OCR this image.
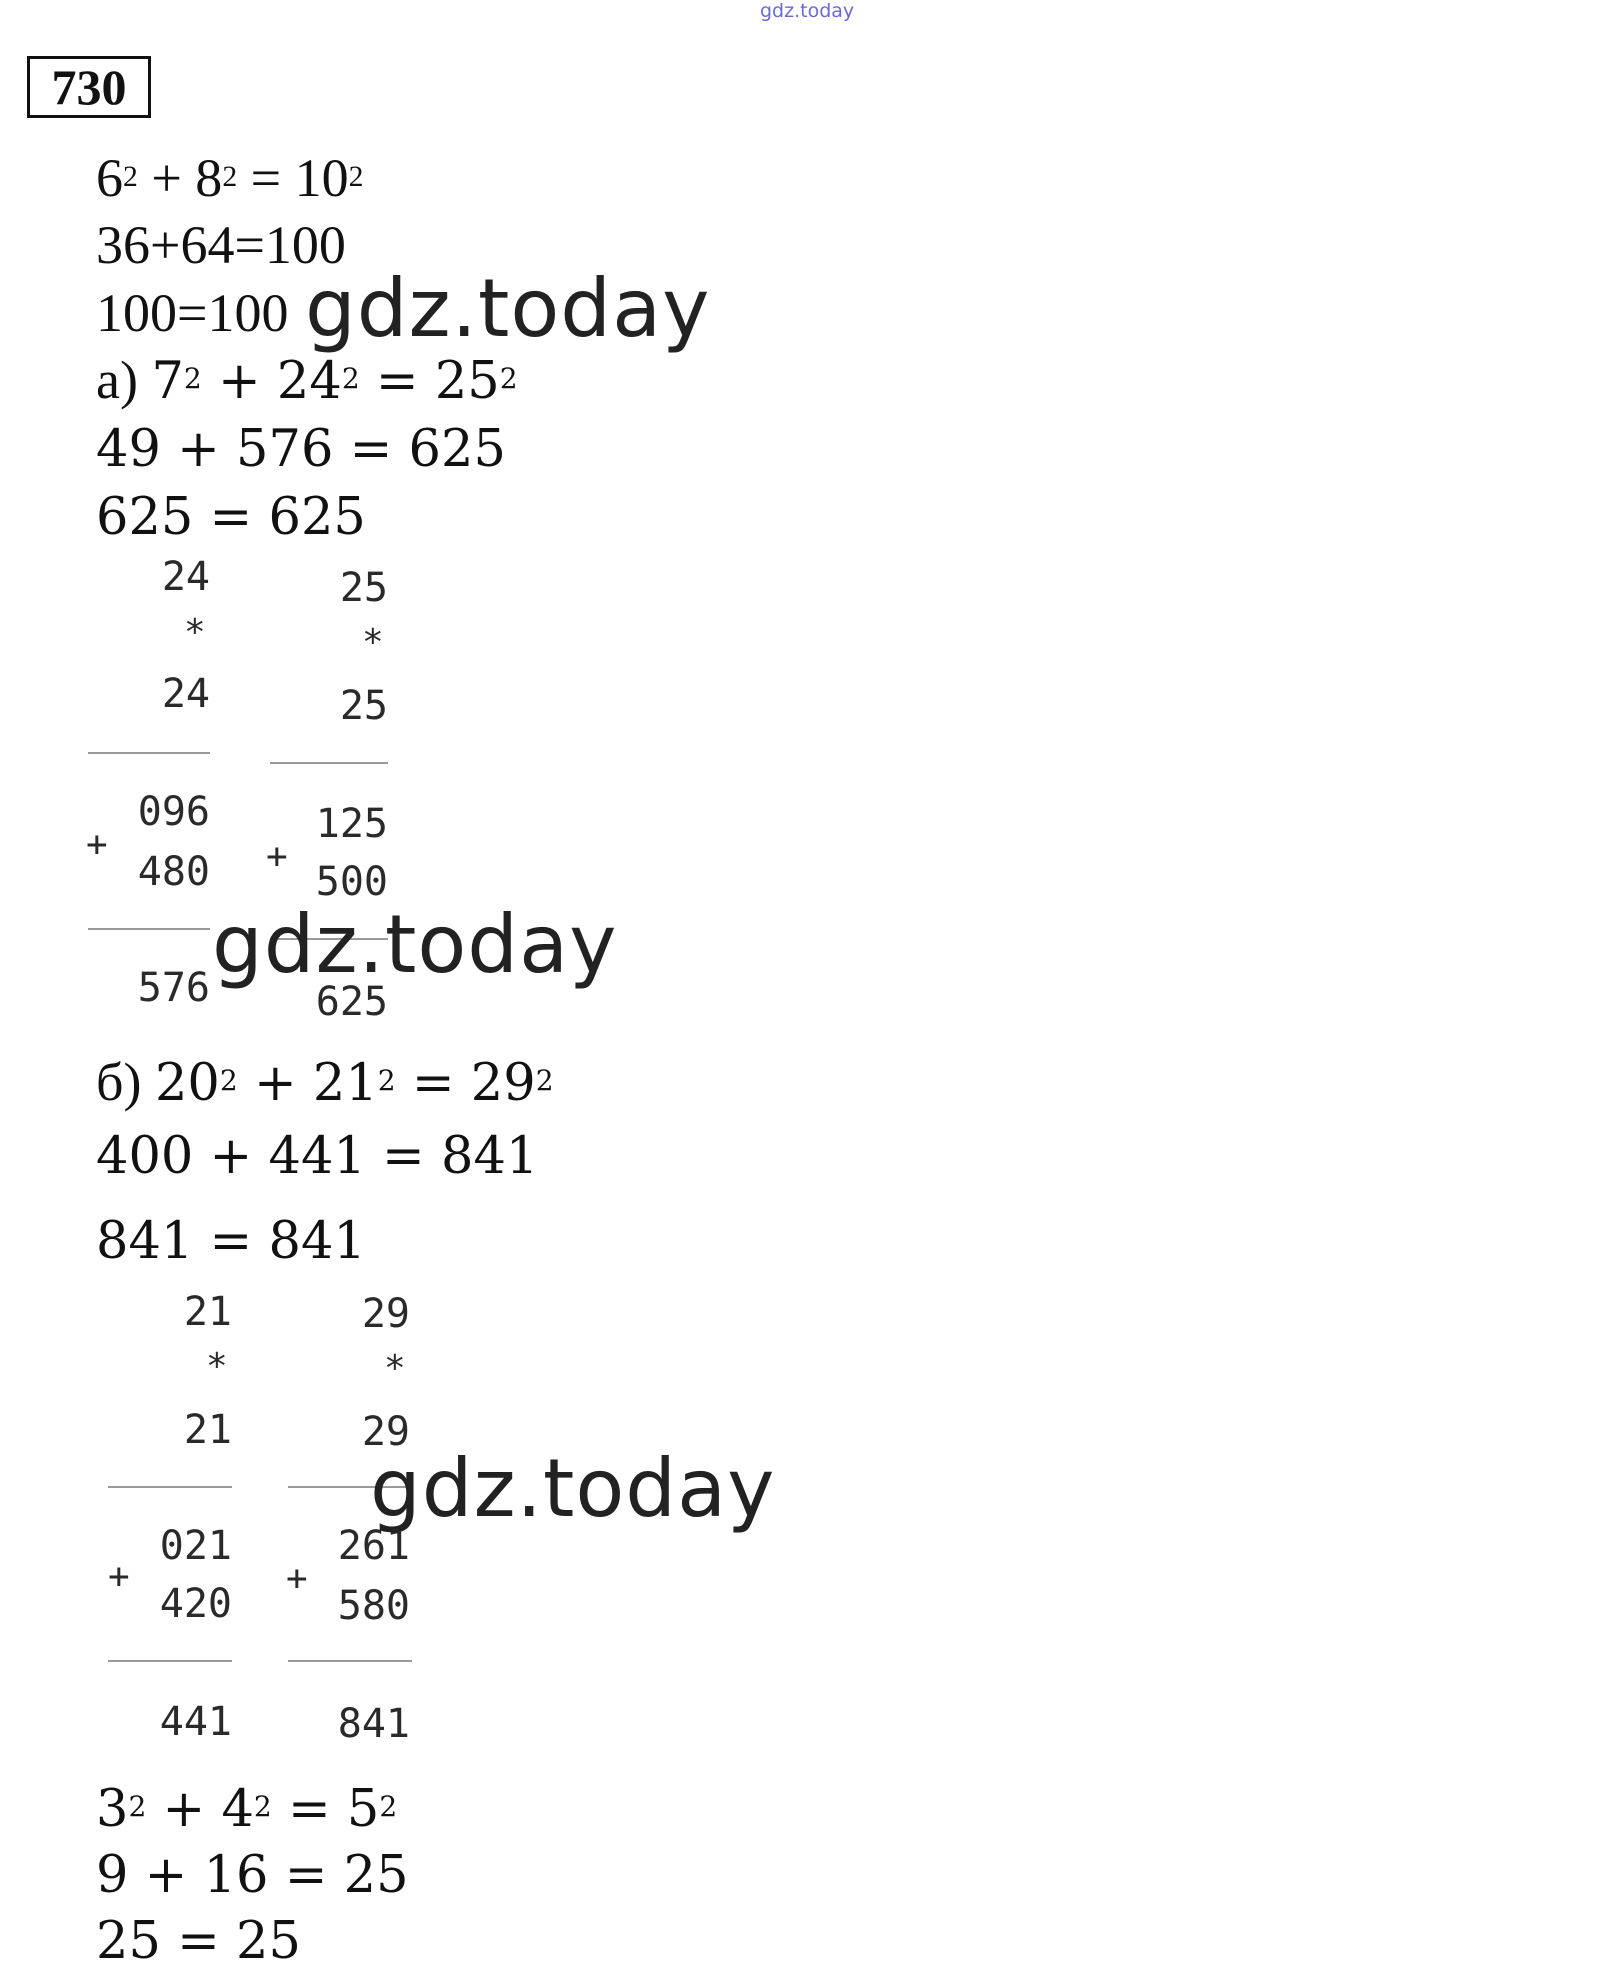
gdz.today
730
$6^2 + 8^2 = 10^2$
36+64=100
100=100 gdz.today
а) $7^2 + 24^2 = 25^2$
49 + 576 = 625
625 = 625
24
*
24
096
+
480
576
25
*
25
125
+
500
625
gdz.today
б) $20^2 + 21^2 = 29^2$
400 + 441 = 841
841 = 841
21
*
21
021
+
420
441
29
*
29
261
+
580
841
gdz.today
$3^2 + 4^2 = 5^2$
9 + 16 = 25
25 = 25
